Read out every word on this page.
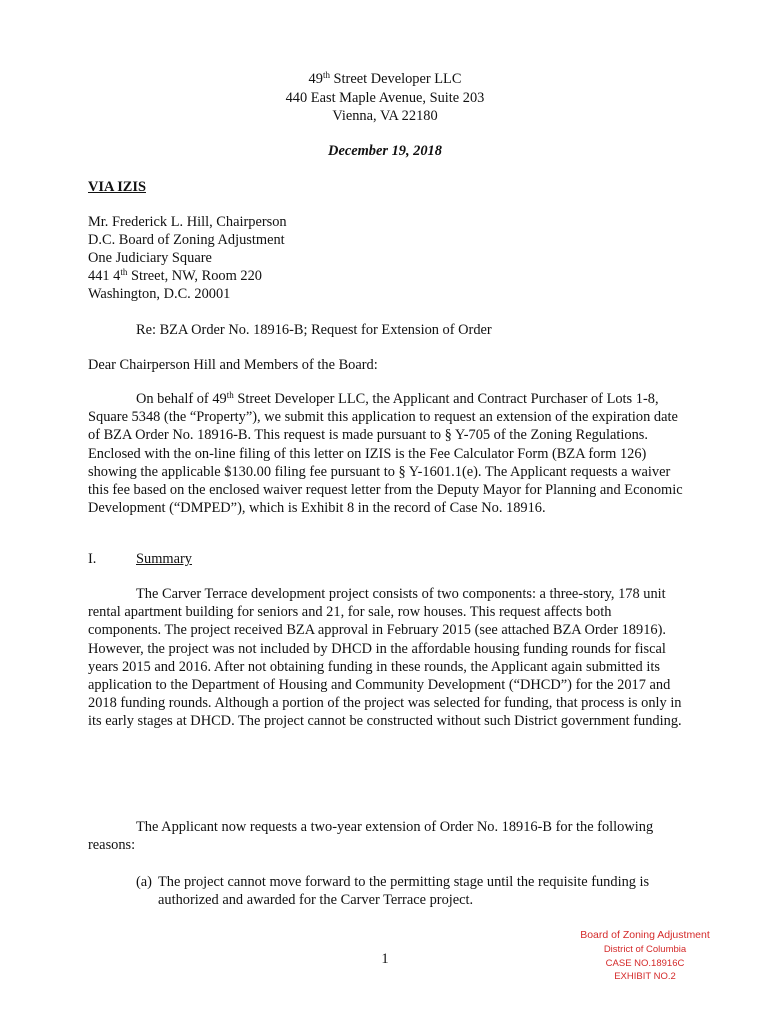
49th Street Developer LLC
440 East Maple Avenue, Suite 203
Vienna, VA 22180
December 19, 2018
VIA IZIS
Mr. Frederick L. Hill, Chairperson
D.C. Board of Zoning Adjustment
One Judiciary Square
441 4th Street, NW, Room 220
Washington, D.C. 20001
Re: BZA Order No. 18916-B; Request for Extension of Order
Dear Chairperson Hill and Members of the Board:
On behalf of 49th Street Developer LLC, the Applicant and Contract Purchaser of Lots 1-8, Square 5348 (the “Property”), we submit this application to request an extension of the expiration date of BZA Order No. 18916-B. This request is made pursuant to § Y-705 of the Zoning Regulations. Enclosed with the on-line filing of this letter on IZIS is the Fee Calculator Form (BZA form 126) showing the applicable $130.00 filing fee pursuant to § Y-1601.1(e). The Applicant requests a waiver this fee based on the enclosed waiver request letter from the Deputy Mayor for Planning and Economic Development (“DMPED”), which is Exhibit 8 in the record of Case No. 18916.
I.	Summary
The Carver Terrace development project consists of two components: a three-story, 178 unit rental apartment building for seniors and 21, for sale, row houses. This request affects both components. The project received BZA approval in February 2015 (see attached BZA Order 18916). However, the project was not included by DHCD in the affordable housing funding rounds for fiscal years 2015 and 2016. After not obtaining funding in these rounds, the Applicant again submitted its application to the Department of Housing and Community Development (“DHCD”) for the 2017 and 2018 funding rounds. Although a portion of the project was selected for funding, that process is only in its early stages at DHCD. The project cannot be constructed without such District government funding.
The Applicant now requests a two-year extension of Order No. 18916-B for the following reasons:
(a) The project cannot move forward to the permitting stage until the requisite funding is authorized and awarded for the Carver Terrace project.
1
Board of Zoning Adjustment
District of Columbia
CASE NO.18916C
EXHIBIT NO.2
